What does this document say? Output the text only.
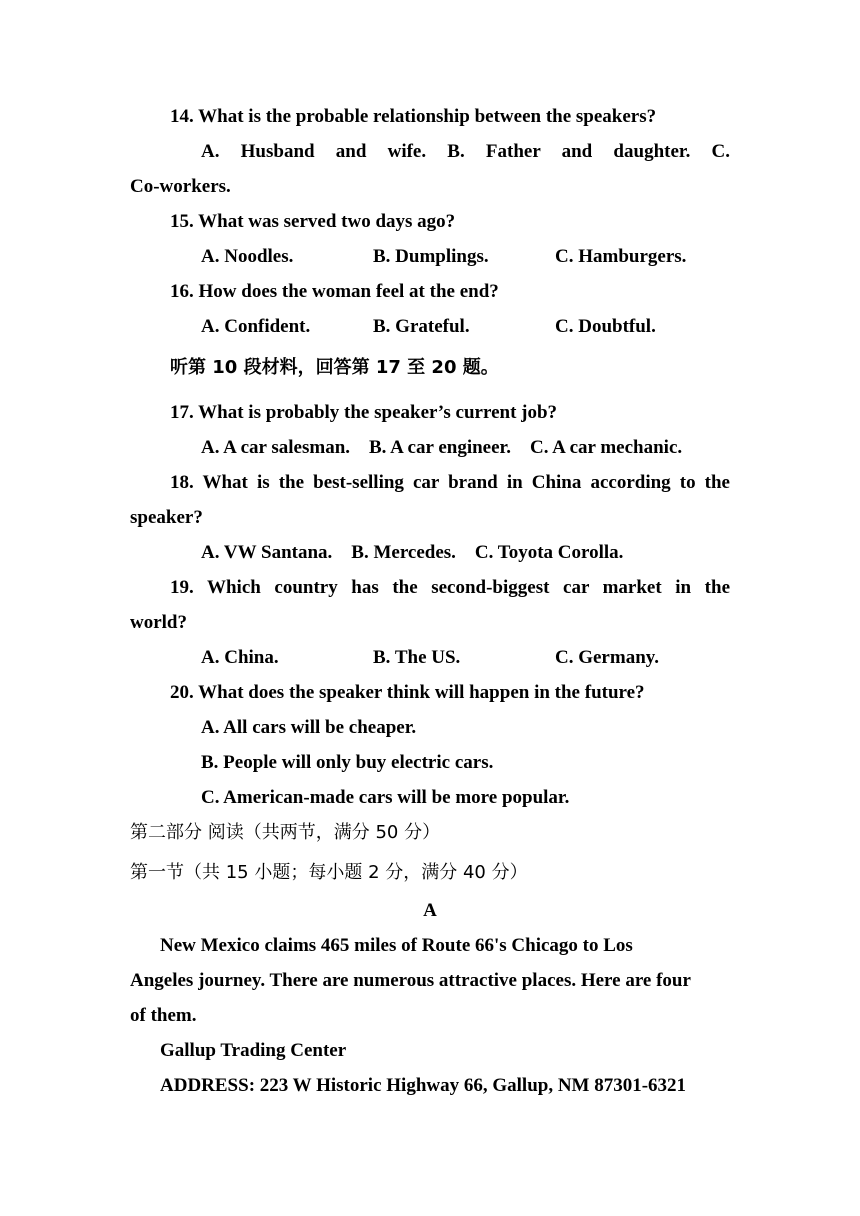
14. What is the probable relationship between the speakers?
A. Husband and wife. B. Father and daughter. C.
Co-workers.
15. What was served two days ago?
A. Noodles.	B. Dumplings.	C. Hamburgers.
16. How does the woman feel at the end?
A. Confident.	B. Grateful.	C. Doubtful.
听第 10 段材料，回答第 17 至 20 题。
17. What is probably the speaker’s current job?
A. A car salesman.    B. A car engineer.    C. A car mechanic.
18. What is the best-selling car brand in China according to the
speaker?
A. VW Santana.    B. Mercedes.    C. Toyota Corolla.
19. Which country has the second-biggest car market in the
world?
A. China.	B. The US.	C. Germany.
20. What does the speaker think will happen in the future?
A. All cars will be cheaper.
B. People will only buy electric cars.
C. American-made cars will be more popular.
第二部分 阅读（共两节，满分 50 分）
第一节（共 15 小题；每小题 2 分，满分 40 分）
A
New Mexico claims 465 miles of Route 66's Chicago to Los
Angeles journey. There are numerous attractive places. Here are four
of them.
Gallup Trading Center
ADDRESS: 223 W Historic Highway 66, Gallup, NM 87301-6321
